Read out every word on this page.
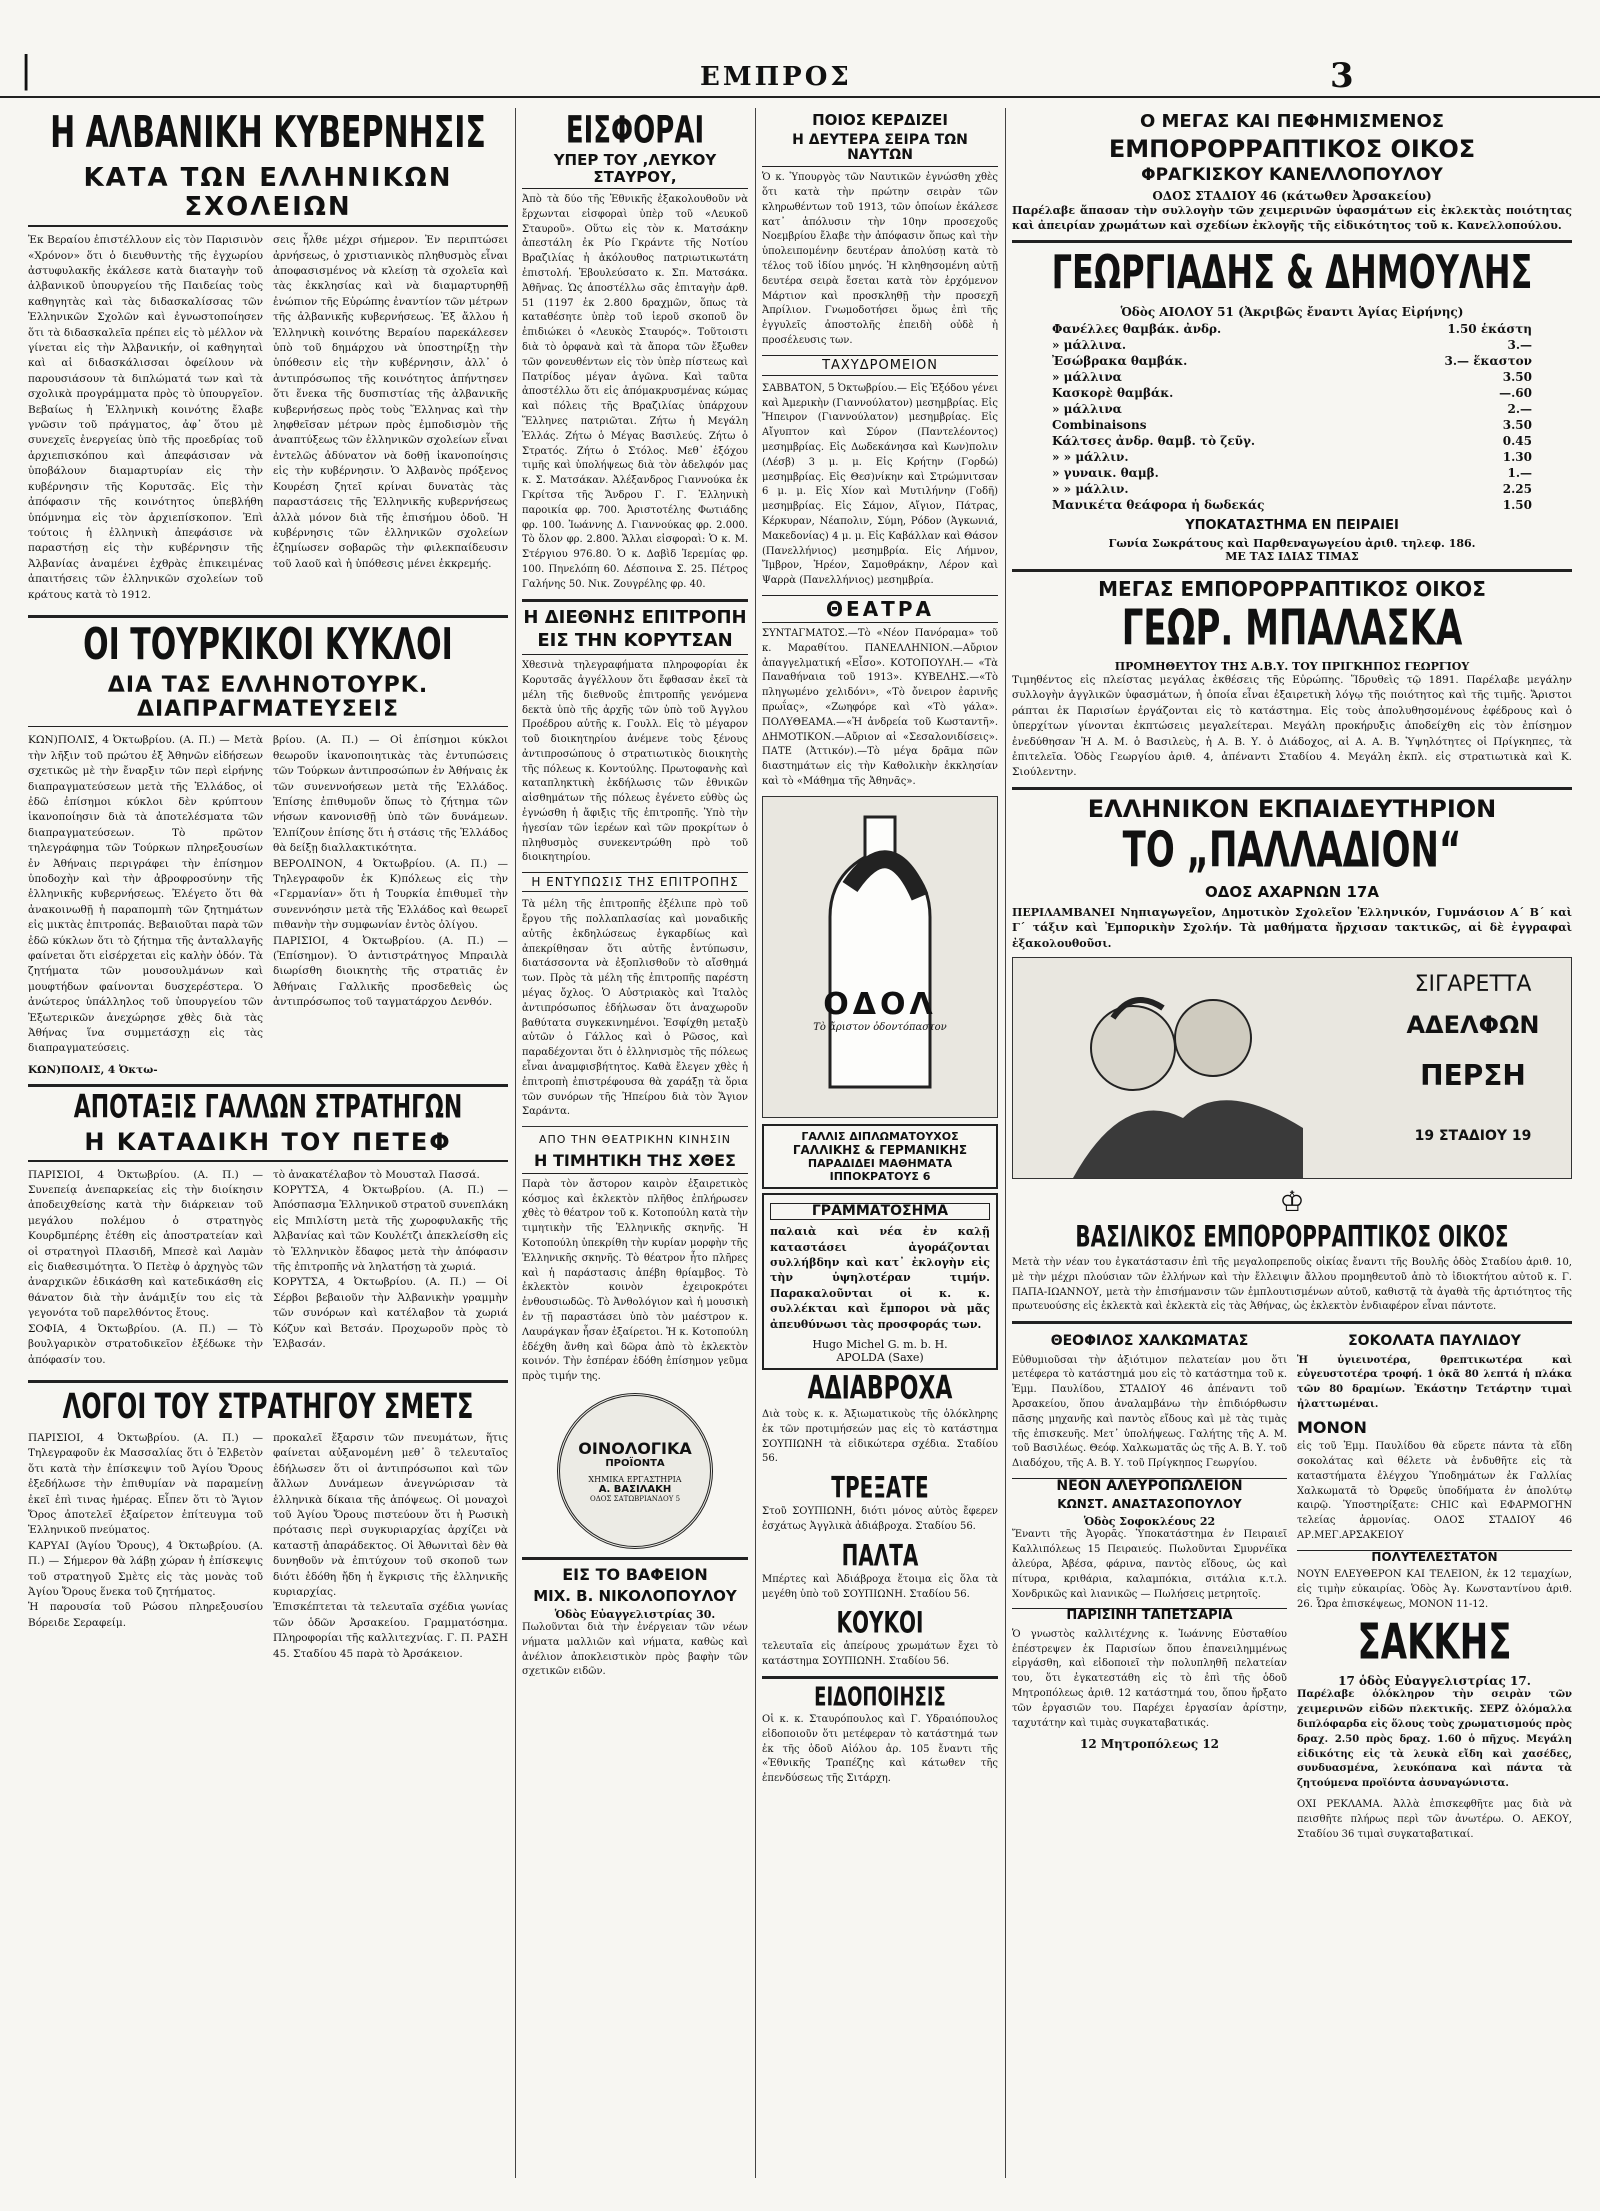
|	ΕΜΠΡΟΣ	3
Η ΑΛΒΑΝΙΚΗ ΚΥΒΕΡΝΗΣΙΣ
ΚΑΤΑ ΤΩΝ ΕΛΛΗΝΙΚΩΝ ΣΧΟΛΕΙΩΝ

Ἐκ Βεραίου ἐπιστέλλουν εἰς τὸν Παρισινὸν «Χρόνον» ὅτι ὁ διευθυντὴς τῆς ἐγχωρίου ἀστυφυλακῆς ἐκάλεσε κατὰ διαταγὴν τοῦ ἀλβανικοῦ ὑπουργείου τῆς Παιδείας τοὺς καθηγητὰς καὶ τὰς διδασκαλίσσας τῶν Ἑλληνικῶν Σχολῶν καὶ ἐγνωστοποίησεν ὅτι τὰ διδασκαλεῖα πρέπει εἰς τὸ μέλλον νὰ γίνεται εἰς τὴν Ἀλβανικήν, οἱ καθηγηταὶ καὶ αἱ διδασκάλισσαι ὀφείλουν νὰ παρουσιάσουν τὰ διπλώματά των καὶ τὰ σχολικὰ προγράμματα πρὸς τὸ ὑπουργεῖον. Βεβαίως ἡ Ἑλληνικὴ κοινότης ἔλαβε γνῶσιν τοῦ πράγματος, ἀφ᾽ ὅτου μὲ συνεχεῖς ἐνεργείας ὑπὸ τῆς προεδρίας τοῦ ἀρχιεπισκόπου καὶ ἀπεφάσισαν νὰ ὑποβάλουν διαμαρτυρίαν εἰς τὴν κυβέρνησιν τῆς Κορυτσᾶς. Εἰς τὴν ἀπόφασιν τῆς κοινότητος ὑπεβλήθη ὑπόμνημα εἰς τὸν ἀρχιεπίσκοπον. Ἐπὶ τούτοις ἡ ἐλληνικὴ ἀπεφάσισε νὰ παραστήσῃ εἰς τὴν κυβέρνησιν τῆς Ἀλβανίας ἀναμένει ἐχθρὰς ἐπικειμένας ἀπαιτήσεις τῶν ἐλληνικῶν σχολείων τοῦ κράτους κατὰ τὸ 1912.

σεις ἦλθε μέχρι σήμερον. Ἐν περιπτώσει ἀρνήσεως, ὁ χριστιανικὸς πληθυσμὸς εἶναι ἀποφασισμένος νὰ κλείσῃ τὰ σχολεῖα καὶ τὰς ἐκκλησίας καὶ νὰ διαμαρτυρηθῇ ἐνώπιον τῆς Εὐρώπης ἐναντίον τῶν μέτρων τῆς ἀλβανικῆς κυβερνήσεως. Ἐξ ἄλλου ἡ Ἑλληνικὴ κοινότης Βεραίου παρεκάλεσεν ὑπὸ τοῦ δημάρχου νὰ ὑποστηρίξῃ τὴν ὑπόθεσιν εἰς τὴν κυβέρνησιν, ἀλλ᾽ ὁ ἀντιπρόσωπος τῆς κοινότητος ἀπήντησεν ὅτι ἕνεκα τῆς δυσπιστίας τῆς ἀλβανικῆς κυβερνήσεως πρὸς τοὺς Ἕλληνας καὶ τὴν ληφθεῖσαν μέτρων πρὸς ἐμποδισμὸν τῆς ἀναπτύξεως τῶν ἐλληνικῶν σχολείων εἶναι ἐντελῶς ἀδύνατον νὰ δοθῇ ἱκανοποίησις εἰς τὴν κυβέρνησιν. Ὁ Ἀλβανὸς πρόξενος Κουρέση ζητεῖ κρίναι δυνατὰς τὰς παραστάσεις τῆς Ἑλληνικῆς κυβερνήσεως ἀλλὰ μόνον διὰ τῆς ἐπισήμου ὁδοῦ. Ἡ κυβέρνησις τῶν ἐλληνικῶν σχολείων ἐζημίωσεν σοβαρῶς τὴν φιλεκπαίδευσιν τοῦ λαοῦ καὶ ἡ ὑπόθεσις μένει ἐκκρεμής.

ΟΙ ΤΟΥΡΚΙΚΟΙ ΚΥΚΛΟΙ
ΔΙΑ ΤΑΣ ΕΛΛΗΝΟΤΟΥΡΚ. ΔΙΑΠΡΑΓΜΑΤΕΥΣΕΙΣ

ΚΩΝ)ΠΟΛΙΣ, 4 Ὀκτωβρίου. (Α. Π.) — Μετὰ τὴν λῆξιν τοῦ πρώτου ἐξ Ἀθηνῶν εἰδήσεων σχετικῶς μὲ τὴν ἔναρξιν τῶν περὶ εἰρήνης διαπραγματεύσεων μετὰ τῆς Ἑλλάδος, οἱ ἐδῶ ἐπίσημοι κύκλοι δὲν κρύπτουν ἱκανοποίησιν διὰ τὰ ἀποτελέσματα τῶν διαπραγματεύσεων. Τὸ πρῶτον τηλεγράφημα τῶν Τούρκων πληρεξουσίων ἐν Ἀθήναις περιγράφει τὴν ἐπίσημον ὑποδοχὴν καὶ τὴν ἀβροφροσύνην τῆς ἑλληνικῆς κυβερνήσεως. Ἐλέγετο ὅτι θὰ ἀνακοινωθῇ ἡ παραπομπὴ τῶν ζητημάτων εἰς μικτὰς ἐπιτροπάς. Βεβαιοῦται παρὰ τῶν ἐδῶ κύκλων ὅτι τὸ ζήτημα τῆς ἀνταλλαγῆς φαίνεται ὅτι εἰσέρχεται εἰς καλὴν ὁδόν. Τὰ ζητήματα τῶν μουσουλμάνων καὶ μουφτήδων φαίνονται δυσχερέστερα. Ὁ ἀνώτερος ὑπάλληλος τοῦ ὑπουργείου τῶν Ἐξωτερικῶν ἀνεχώρησε χθὲς διὰ τὰς Ἀθήνας ἵνα συμμετάσχῃ εἰς τὰς διαπραγματεύσεις.

βρίου. (Α. Π.) — Οἱ ἐπίσημοι κύκλοι θεωροῦν ἱκανοποιητικὰς τὰς ἐντυπώσεις τῶν Τούρκων ἀντιπροσώπων ἐν Ἀθήναις ἐκ τῶν συνεννοήσεων μετὰ τῆς Ἑλλάδος. Ἐπίσης ἐπιθυμοῦν ὅπως τὸ ζήτημα τῶν νήσων κανονισθῇ ὑπὸ τῶν δυνάμεων. Ἐλπίζουν ἐπίσης ὅτι ἡ στάσις τῆς Ἑλλάδος θὰ δείξῃ διαλλακτικότητα.
ΒΕΡΟΛΙΝΟΝ, 4 Ὀκτωβρίου. (Α. Π.) — Τηλεγραφοῦν ἐκ Κ)πόλεως εἰς τὴν «Γερμανίαν» ὅτι ἡ Τουρκία ἐπιθυμεῖ τὴν συνεννόησιν μετὰ τῆς Ἑλλάδος καὶ θεωρεῖ πιθανὴν τὴν συμφωνίαν ἐντὸς ὀλίγου.
ΠΑΡΙΣΙΟΙ, 4 Ὀκτωβρίου. (Α. Π.) — (Ἐπίσημον). Ὁ ἀντιστράτηγος Μπραιλὰ διωρίσθη διοικητὴς τῆς στρατιᾶς ἐν Ἀθήναις Γαλλικῆς προσδεθεὶς ὡς ἀντιπρόσωπος τοῦ ταγματάρχου Δενθόν.

ΚΩΝ)ΠΟΛΙΣ, 4 Ὀκτω-

ΑΠΟΤΑΞΙΣ ΓΑΛΛΩΝ ΣΤΡΑΤΗΓΩΝ
Η ΚΑΤΑΔΙΚΗ ΤΟΥ ΠΕΤΕΦ

ΠΑΡΙΣΙΟΙ, 4 Ὀκτωβρίου. (Α. Π.) — Συνεπείᾳ ἀνεπαρκείας εἰς τὴν διοίκησιν ἀποδειχθείσης κατὰ τὴν διάρκειαν τοῦ μεγάλου πολέμου ὁ στρατηγὸς Κουρδμπέρης ἐτέθη εἰς ἀποστρατείαν καὶ οἱ στρατηγοὶ Πλασιδῆ, Μπεσὲ καὶ Λαμὰν εἰς διαθεσιμότητα. Ὁ Πετὲφ ὁ ἀρχηγὸς τῶν ἀναρχικῶν ἐδικάσθη καὶ κατεδικάσθη εἰς θάνατον διὰ τὴν ἀνάμιξίν του εἰς τὰ γεγονότα τοῦ παρελθόντος ἔτους.
ΣΟΦΙΑ, 4 Ὀκτωβρίου. (Α. Π.) — Τὸ βουλγαρικὸν στρατοδικεῖον ἐξέδωκε τὴν ἀπόφασίν του.

τὸ ἀνακατέλαβον τὸ Μουσταλ Πασσά.
ΚΟΡΥΤΣΑ, 4 Ὀκτωβρίου. (Α. Π.) — Ἀπόσπασμα Ἑλληνικοῦ στρατοῦ συνεπλάκη εἰς Μπιλίστη μετὰ τῆς χωροφυλακῆς τῆς Ἀλβανίας καὶ τῶν Κουλέτζι ἀπεκλείσθη εἰς τὸ Ἑλληνικὸν ἔδαφος μετὰ τὴν ἀπόφασιν τῆς ἐπιτροπῆς νὰ ληλατήσῃ τὰ χωριά.
ΚΟΡΥΤΣΑ, 4 Ὀκτωβρίου. (Α. Π.) — Οἱ Σέρβοι βεβαιοῦν τὴν Ἀλβανικὴν γραμμὴν τῶν συνόρων καὶ κατέλαβον τὰ χωριά Κόζυν καὶ Βετσάν. Προχωροῦν πρὸς τὸ Ἐλβασάν.

ΛΟΓΟΙ ΤΟΥ ΣΤΡΑΤΗΓΟΥ ΣΜΕΤΣ

ΠΑΡΙΣΙΟΙ, 4 Ὀκτωβρίου. (Α. Π.) — Τηλεγραφοῦν ἐκ Μασσαλίας ὅτι ὁ Ἐλβετὸν ὅτι κατὰ τὴν ἐπίσκεψιν τοῦ Ἀγίου Ὄρους ἐξεδήλωσε τὴν ἐπιθυμίαν νὰ παραμείνῃ ἐκεῖ ἐπὶ τινας ἡμέρας. Εἶπεν ὅτι τὸ Ἅγιον Ὄρος ἀποτελεῖ ἐξαίρετον ἐπίτευγμα τοῦ Ἑλληνικοῦ πνεύματος.
ΚΑΡΥΑΙ (Ἁγίου Ὄρους), 4 Ὀκτωβρίου. (Α. Π.) — Σήμερον θὰ λάβῃ χώραν ἡ ἐπίσκεψις τοῦ στρατηγοῦ Σμὲτς εἰς τὰς μονὰς τοῦ Ἀγίου Ὄρους ἕνεκα τοῦ ζητήματος.
Ἡ παρουσία τοῦ Ρώσου πληρεξουσίου Βόρειδε Σεραφείμ.

προκαλεῖ ἔξαρσιν τῶν πνευμάτων, ἥτις φαίνεται αὐξανομένη μεθ᾽ ὃ τελευταῖος ἐδήλωσεν ὅτι οἱ ἀντιπρόσωποι καὶ τῶν ἄλλων Δυνάμεων ἀνεγνώρισαν τὰ ἑλληνικὰ δίκαια τῆς ἀπόψεως. Οἱ μοναχοὶ τοῦ Ἁγίου Ὄρους πιστεύουν ὅτι ἡ Ρωσικὴ πρότασις περὶ συγκυριαρχίας ἀρχίζει νὰ καταστῇ ἀπαράδεκτος. Οἱ Ἀθωνιταὶ δὲν θὰ δυνηθοῦν νὰ ἐπιτύχουν τοῦ σκοποῦ των διότι ἐδόθη ἤδη ἡ ἔγκρισις τῆς ἑλληνικῆς κυριαρχίας.
Ἐπισκέπτεται τὰ τελευταῖα σχέδια γωνίας τῶν ὁδῶν Ἀρσακείου. Γραμματόσημα. Πληροφορίαι τῆς καλλιτεχνίας. Γ. Π. ΡΑΣΗ 45. Σταδίου 45 παρὰ τὸ Ἀρσάκειον.

ΕΙΣΦΟΡΑΙ
ΥΠΕΡ ΤΟΥ ,ΛΕΥΚΟΥ ΣΤΑΥΡΟΥ,

Ἀπὸ τὰ δύο τῆς Ἐθνικῆς ἐξακολουθοῦν νὰ ἔρχωνται εἰσφοραὶ ὑπὲρ τοῦ «Λευκοῦ Σταυροῦ». Οὕτω εἰς τὸν κ. Ματσάκην ἀπεστάλη ἐκ Ρίο Γκράντε τῆς Νοτίου Βραζιλίας ἡ ἀκόλουθος πατριωτικωτάτη ἐπιστολή. Ἐβουλεύσατο κ. Σπ. Ματσάκα. Ἀθῆνας. Ὡς ἀποστέλλω σᾶς ἐπιταγὴν ἀρθ. 51 (1197 ἐκ 2.800 δραχμῶν, ὅπως τὰ καταθέσητε ὑπὲρ τοῦ ἱεροῦ σκοποῦ ὃν ἐπιδιώκει ὁ «Λευκὸς Σταυρός». Τοῦτοιστι διὰ τὸ ὀρφανὰ καὶ τὰ ἄπορα τῶν ἔξωθεν τῶν φονευθέντων εἰς τὸν ὑπὲρ πίστεως καὶ Πατρίδος μέγαν ἀγῶνα. Καὶ ταῦτα ἀποστέλλω ὅτι εἰς ἀπόμακρυσμένας κώμας καὶ πόλεις τῆς Βραζιλίας ὑπάρχουν Ἕλληνες πατριῶται. Ζήτω ἡ Μεγάλη Ἑλλάς. Ζήτω ὁ Μέγας Βασιλεύς. Ζήτω ὁ Στρατός. Ζήτω ὁ Στόλος. Μεθ᾽ ἐξόχου τιμῆς καὶ ὑπολήψεως διὰ τὸν ἀδελφόν μας κ. Σ. Ματσάκαν. Ἀλέξανδρος Γιαννούκα ἐκ Γκρίτσα τῆς Ἄνδρου Γ. Γ. Ἑλληνικὴ παροικία φρ. 700. Ἀριστοτέλης Φωτιάδης φρ. 100. Ἰωάννης Δ. Γιαννούκας φρ. 2.000. Τὸ ὅλον φρ. 2.800. Ἄλλαι εἰσφοραὶ: Ὁ κ. Μ. Στέργιου 976.80. Ὁ κ. Δαβὶδ Ἰερεμίας φρ. 100. Πηνελόπη 60. Δέσποινα Σ. 25. Πέτρος Γαλήνης 50. Νικ. Ζουγρέλης φρ. 40.

Η ΔΙΕΘΝΗΣ ΕΠΙΤΡΟΠΗ
ΕΙΣ ΤΗΝ ΚΟΡΥΤΣΑΝ

Χθεσινὰ τηλεγραφήματα πληροφορίαι ἐκ Κορυτσᾶς ἀγγέλλουν ὅτι ἔφθασαν ἐκεῖ τὰ μέλη τῆς διεθνοῦς ἐπιτροπῆς γενόμενα δεκτὰ ὑπὸ τῆς ἀρχῆς τῶν ὑπὸ τοῦ Ἀγγλου Προέδρου αὐτῆς κ. Γουλλ. Εἰς τὸ μέγαρον τοῦ διοικητηρίου ἀνέμενε τοὺς ξένους ἀντιπροσώπους ὁ στρατιωτικὸς διοικητὴς τῆς πόλεως κ. Κοντούλης. Πρωτοφανὴς καὶ καταπληκτικὴ ἐκδήλωσις τῶν ἐθνικῶν αἰσθημάτων τῆς πόλεως ἐγένετο εὐθὺς ὡς ἐγνώσθη ἡ ἄφιξις τῆς ἐπιτροπῆς. Ὑπὸ τὴν ἡγεσίαν τῶν ἱερέων καὶ τῶν προκρίτων ὁ πληθυσμὸς συνεκεντρώθη πρὸ τοῦ διοικητηρίου.

Η ΕΝΤΥΠΩΣΙΣ ΤΗΣ ΕΠΙΤΡΟΠΗΣ

Τὰ μέλη τῆς ἐπιτροπῆς ἐξέλιπε πρὸ τοῦ ἔργου τῆς πολλαπλασίας καὶ μοναδικῆς αὐτῆς ἐκδηλώσεως ἐγκαρδίως καὶ ἀπεκρίθησαν ὅτι αὐτῆς ἐντύπωσιν, διατάσσοντα νὰ ἐξοπλισθοῦν τὸ αἴσθημά των. Πρὸς τὰ μέλη τῆς ἐπιτροπῆς παρέστη μέγας ὄχλος. Ὁ Αὐστριακὸς καὶ Ἰταλὸς ἀντιπρόσωπος ἐδήλωσαν ὅτι ἀναχωροῦν βαθύτατα συγκεκινημένοι. Ἐσφίχθη μεταξὺ αὐτῶν ὁ Γάλλος καὶ ὁ Ρῶσος, καὶ παραδέχονται ὅτι ὁ ἑλληνισμὸς τῆς πόλεως εἶναι ἀναμφισβήτητος. Καθὰ ἔλεγεν χθὲς ἡ ἐπιτροπὴ ἐπιστρέφουσα θὰ χαράξῃ τὰ ὅρια τῶν συνόρων τῆς Ἠπείρου διὰ τὸν Ἅγιον Σαράντα.

ΑΠΟ ΤΗΝ ΘΕΑΤΡΙΚΗΝ ΚΙΝΗΣΙΝ
Η ΤΙΜΗΤΙΚΗ ΤΗΣ ΧΘΕΣ

Παρὰ τὸν ἄστορον καιρὸν ἐξαιρετικὸς κόσμος καὶ ἐκλεκτὸν πλῆθος ἐπλήρωσεν χθὲς τὸ θέατρον τοῦ κ. Κοτοπούλη κατὰ τὴν τιμητικὴν τῆς Ἑλληνικῆς σκηνῆς. Ἡ Κοτοπούλη ὑπεκρίθη τὴν κυρίαν μορφὴν τῆς Ἑλληνικῆς σκηνῆς. Τὸ θέατρον ἦτο πλῆρες καὶ ἡ παράστασις ἀπέβη θρίαμβος. Τὸ ἐκλεκτὸν κοινὸν ἐχειροκρότει ἐνθουσιωδῶς. Τὸ Ἀνθολόγιον καὶ ἡ μουσικὴ ἐν τῇ παραστάσει ὑπὸ τὸν μαέστρον κ. Λαυράγκαν ἦσαν ἐξαίρετοι. Ἡ κ. Κοτοπούλη ἐδέχθη ἄνθη καὶ δῶρα ἀπὸ τὸ ἐκλεκτὸν κοινόν. Τὴν ἐσπέραν ἐδόθη ἐπίσημον γεῦμα πρὸς τιμήν της.

ΟΙΝΟΛΟΓΙΚΑ
ΠΡΟΪΟΝΤΑ
ΧΗΜΙΚΑ ΕΡΓΑΣΤΗΡΙΑ
Α. ΒΑΣΙΛΑΚΗ
ΟΔΟΣ ΣΑΤΩΒΡΙΑΝΔΟΥ 5
ΕΙΣ ΤΟ ΒΑΦΕΙΟΝ
ΜΙΧ. Β. ΝΙΚΟΛΟΠΟΥΛΟΥ
Ὁδὸς Εὐαγγελιστρίας 30.

Πωλοῦνται διὰ τὴν ἐνέργειαν τῶν νέων νήματα μαλλιῶν καὶ νήματα, καθὼς καὶ ἀνέλιον ἀποκλειστικὸν πρὸς βαφὴν τῶν σχετικῶν ειδῶν.

ΠΟΙΟΣ ΚΕΡΔΙΖΕΙ
Η ΔΕΥΤΕΡΑ ΣΕΙΡΑ ΤΩΝ ΝΑΥΤΩΝ

Ὁ κ. Ὑπουργὸς τῶν Ναυτικῶν ἐγνώσθη χθὲς ὅτι κατὰ τὴν πρώτην σειρὰν τῶν κληρωθέντων τοῦ 1913, τῶν ὁποίων ἐκάλεσε κατ᾽ ἀπόλυσιν τὴν 10ην προσεχοῦς Νοεμβρίου ἔλαβε τὴν ἀπόφασιν ὅπως καὶ τὴν ὑπολειπομένην δευτέραν ἀπολύσῃ κατὰ τὸ τέλος τοῦ ἰδίου μηνός. Ἡ κληθησομένη αὐτῇ δευτέρα σειρὰ ἔσεται κατὰ τὸν ἐρχόμενον Μάρτιον καὶ προσκληθῇ τὴν προσεχῆ Ἀπρίλιον. Γνωμοδοτήσει ὅμως ἐπὶ τῆς ἐγγυλεῖς ἀποστολῆς ἐπειδὴ οὐδὲ ἡ προσέλευσις των.

ΤΑΧΥΔΡΟΜΕΙΟΝ

ΣΑΒΒΑΤΟΝ, 5 Ὀκτωβρίου.— Εἰς Ἐξόδου γένει καὶ Ἀμερικὴν (Γιαννούλατον) μεσημβρίας. Εἰς Ἤπειρον (Γιαννούλατον) μεσημβρίας. Εἰς Αἴγυπτον καὶ Σύρον (Παντελέοντος) μεσημβρίας. Εἰς Δωδεκάνησα καὶ Κων)πολιν (Λέσβ) 3 μ. μ. Εἰς Κρήτην (Γορδώ) μεσημβρίας. Εἰς Θεσ)νίκην καὶ Στρώμνιτσαν 6 μ. μ. Εἰς Χίον καὶ Μυτιλήνην (Γοδῆ) μεσημβρίας. Εἰς Σάμον, Αἴγιον, Πάτρας, Κέρκυραν, Νέαπολιν, Σύμη, Ρόδον (Ἀγκωνιά, Μακεδονίας) 4 μ. μ. Εἰς Καβάλλαν καὶ Θάσον (Πανελλήνιος) μεσημβρία. Εἰς Λήμνον, Ἴμβρον, Ἡρέον, Σαμοθράκην, Λέρον καὶ Ψαρρὰ (Πανελλήνιος) μεσημβρία.

ΘΕΑΤΡΑ

ΣΥΝΤΑΓΜΑΤΟΣ.—Τὸ «Νέον Πανόραμα» τοῦ κ. Μαραθίτου. ΠΑΝΕΛΛΗΝΙΟΝ.—Αὔριον ἀπαγγελματική «Εἶσο». ΚΟΤΟΠΟΥΛΗ.— «Τὰ Παναθήναια τοῦ 1913». ΚΥΒΕΛΗΣ.—«Τὸ πληγωμένο χελιδόνι», «Τὸ ὄνειρον ἐαρινῆς πρωΐας», «Ζωηφόρε καὶ «Τὸ γάλα». ΠΟΛΥΘΕΑΜΑ.—«Ἡ ἀνδρεία τοῦ Κωσταντῆ». ΔΗΜΟΤΙΚΟΝ.—Αὔριον αἱ «Σεσαλονιδίσεις». ΠΑΤΕ (Ἀττικόν).—Τὸ μέγα δρᾶμα πῶν διαστημάτων εἰς τὴν Καθολικὴν ἐκκλησίαν καὶ τὸ «Μάθημα τῆς Ἀθηνᾶς».

ΟΔΟΛ
Τὸ ἄριστον ὀδοντόπαστον
ΓΑΛΛΙΣ ΔΙΠΛΩΜΑΤΟΥΧΟΣ
ΓΑΛΛΙΚΗΣ & ΓΕΡΜΑΝΙΚΗΣ
ΠΑΡΑΔΙΔΕΙ ΜΑΘΗΜΑΤΑ
ΙΠΠΟΚΡΑΤΟΥΣ 6
ΓΡΑΜΜΑΤΟΣΗΜΑ

παλαιὰ καὶ νέα ἐν καλῇ καταστάσει ἀγοράζονται συλλήβδην καὶ κατ᾽ ἐκλογὴν εἰς τὴν ὑψηλοτέραν τιμήν. Παρακαλοῦνται οἱ κ. κ. συλλέκται καὶ ἔμποροι νὰ μᾶς ἀπευθύνωσι τὰς προσφοράς των.

Hugo Michel G. m. b. H.
APOLDA (Saxe)
ΑΔΙΑΒΡΟΧΑ

Διὰ τοὺς κ. κ. Ἀξιωματικοὺς τῆς ὁλόκληρης ἐκ τῶν προτιμήσεών μας εἰς τὸ κατάστημα ΣΟΥΠΙΩΝΗ τὰ εἰδικώτερα σχέδια. Σταδίου 56.

ΤΡΕΞΑΤΕ

Στοῦ ΣΟΥΠΙΩΝΗ, διότι μόνος αὐτὸς ἔφερεν ἐσχάτως Ἀγγλικὰ ἀδιάβροχα. Σταδίου 56.

ΠΑΛΤΑ

Μπέρτες καὶ Ἀδιάβροχα ἕτοιμα εἰς ὅλα τὰ μεγέθη ὑπὸ τοῦ ΣΟΥΠΙΩΝΗ. Σταδίου 56.

ΚΟΥΚΟΙ

τελευταῖα εἰς ἀπείρους χρωμάτων ἔχει τὸ κατάστημα ΣΟΥΠΙΩΝΗ. Σταδίου 56.

ΕΙΔΟΠΟΙΗΣΙΣ

Οἱ κ. κ. Σταυρόπουλος καὶ Γ. Υδραιόπουλος εἰδοποιοῦν ὅτι μετέφεραν τὸ κατάστημά των ἐκ τῆς ὁδοῦ Αἰόλου ἀρ. 105 ἔναντι τῆς «Ἐθνικῆς Τραπέζης καὶ κάτωθεν τῆς ἐπενδύσεως τῆς Σιτάρχη.

Ο ΜΕΓΑΣ ΚΑΙ ΠΕΦΗΜΙΣΜΕΝΟΣ
ΕΜΠΟΡΟΡΡΑΠΤΙΚΟΣ ΟΙΚΟΣ
ΦΡΑΓΚΙΣΚΟΥ ΚΑΝΕΛΛΟΠΟΥΛΟΥ
ΟΔΟΣ ΣΤΑΔΙΟΥ 46 (κάτωθεν Ἀρσακείου)

Παρέλαβε ἅπασαν τὴν συλλογὴν τῶν χειμερινῶν ὑφασμάτων εἰς ἐκλεκτὰς ποιότητας καὶ ἀπειρίαν χρωμάτων καὶ σχεδίων ἐκλογῆς τῆς εἰδικότητος τοῦ κ. Κανελλοπούλου.

ΓΕΩΡΓΙΑΔΗΣ & ΔΗΜΟΥΛΗΣ
Ὁδὸς ΑΙΟΛΟΥ 51 (Ἀκριβῶς ἔναντι Ἁγίας Εἰρήνης)
Φανέλλες θαμβάκ. ἀνδρ.	1.50 ἑκάστη
» μάλλινα.	3.—
Ἐσώβρακα θαμβάκ.	3.— ἕκαστον
» μάλλινα	3.50
Κασκορὲ θαμβάκ.	—.60
» μάλλινα	2.—
Combinaisons	3.50
Κάλτσες ἀνδρ. θαμβ. τὸ ζεῦγ.	0.45
» » μάλλιν.	1.30
» γυναικ. θαμβ.	1.—
» » μάλλιν.	2.25
Μανικέτα θεάφορα ἡ δωδεκάς	1.50
ΥΠΟΚΑΤΑΣΤΗΜΑ ΕΝ ΠΕΙΡΑΙΕΙ
Γωνία Σωκράτους καὶ Παρθεναγωγείου ἀριθ. τηλεφ. 186.
ΜΕ ΤΑΣ ΙΔΙΑΣ ΤΙΜΑΣ
ΜΕΓΑΣ ΕΜΠΟΡΟΡΡΑΠΤΙΚΟΣ ΟΙΚΟΣ
ΓΕΩΡ. ΜΠΑΛΑΣΚΑ
ΠΡΟΜΗΘΕΥΤΟΥ ΤΗΣ Α.Β.Υ. ΤΟΥ ΠΡΙΓΚΗΠΟΣ ΓΕΩΡΓΙΟΥ

Τιμηθέντος εἰς πλείστας μεγάλας ἐκθέσεις τῆς Εὐρώπης. Ἵδρυθεὶς τῷ 1891. Παρέλαβε μεγάλην συλλογὴν ἀγγλικῶν ὑφασμάτων, ἡ ὁποία εἶναι ἐξαιρετικὴ λόγῳ τῆς ποιότητος καὶ τῆς τιμῆς. Ἄριστοι ράπται ἐκ Παρισίων ἐργάζονται εἰς τὸ κατάστημα. Εἰς τοὺς ἀπολυθησομένους ἐφέδρους καὶ ὁ ὑπερχίτων γίνονται ἐκπτώσεις μεγαλείτεραι. Μεγάλη προκήρυξις ἀποδείχθη εἰς τὸν ἐπίσημον ἐνεδύθησαν Ἡ Α. Μ. ὁ Βασιλεὺς, ἡ Α. Β. Υ. ὁ Διάδοχος, αἱ Α. Α. Β. Ὑψηλότητες οἱ Πρίγκηπες, τὰ ἐπιτελεῖα. Ὁδὸς Γεωργίου ἀριθ. 4, ἀπέναντι Σταδίου 4. Μεγάλη ἐκπλ. εἰς στρατιωτικὰ καὶ Κ. Σιούλεντην.

ΕΛΛΗΝΙΚΟΝ ΕΚΠΑΙΔΕΥΤΗΡΙΟΝ
ΤΟ „ΠΑΛΛΑΔΙΟΝ“
ΟΔΟΣ ΑΧΑΡΝΩΝ 17Α

ΠΕΡΙΛΑΜΒΑΝΕΙ Νηπιαγωγεῖον, Δημοτικὸν Σχολεῖον Ἑλληνικόν, Γυμνάσιον Α΄ Β΄ καὶ Γ΄ τάξιν καὶ Ἐμπορικὴν Σχολήν. Τὰ μαθήματα ἤρχισαν τακτικῶς, αἱ δὲ ἐγγραφαὶ ἐξακολουθοῦσι.

ΣΙΓΑΡΕΤΤΑ
ΑΔΕΛΦΩΝ
ΠΕΡΣΗ
19 ΣΤΑΔΙΟΥ 19
♔
ΒΑΣΙΛΙΚΟΣ ΕΜΠΟΡΟΡΡΑΠΤΙΚΟΣ ΟΙΚΟΣ

Μετὰ τὴν νέαν του ἐγκατάστασιν ἐπὶ τῆς μεγαλοπρεποῦς οἰκίας ἔναντι τῆς Βουλῆς ὁδὸς Σταδίου ἀριθ. 10, μὲ τὴν μέχρι πλούσιαν τῶν ἐλλήνων καὶ τὴν ἔλλειψιν ἄλλου προμηθευτοῦ ἀπὸ τὸ ἰδιοκτήτου αὐτοῦ κ. Γ. ΠΑΠΑ-ΙΩΑΝΝΟΥ, μετὰ τὴν ἐπισήμανσιν τῶν ἐμπλουτισμένων αὐτοῦ, καθιστᾷ τὰ ἀγαθὰ τῆς ἀρτιότητος τῆς πρωτευούσης εἰς ἐκλεκτὰ καὶ ἐκλεκτὰ εἰς τὰς Ἀθήνας, ὡς ἐκλεκτὸν ἐνδιαφέρον εἶναι πάντοτε.

ΘΕΟΦΙΛΟΣ ΧΑΛΚΩΜΑΤΑΣ

Εὐθυμιοῦσαι τὴν ἀξιότιμον πελατείαν μου ὅτι μετέφερα τὸ κατάστημά μου εἰς τὸ κατάστημα τοῦ κ. Ἐμμ. Παυλίδου, ΣΤΑΔΙΟΥ 46 ἀπέναντι τοῦ Ἀρσακείου, ὅπου ἀναλαμβάνω τὴν ἐπιδιόρθωσιν πᾶσης μηχανῆς καὶ παντὸς εἴδους καὶ μὲ τὰς τιμὰς τῆς ἐπισκευῆς. Μετ᾽ ὑπολήψεως. Γαλήτης τῆς Α. Μ. τοῦ Βασιλέως. Θεόφ. Χαλκωματᾶς ὡς τῆς Α. Β. Υ. τοῦ Διαδόχου, τῆς Α. Β. Υ. τοῦ Πρίγκηπος Γεωργίου.

ΝΕΟΝ ΑΛΕΥΡΟΠΩΛΕΙΟΝ
ΚΩΝΣΤ. ΑΝΑΣΤΑΣΟΠΟΥΛΟΥ
Ὁδὸς Σοφοκλέους 22

Ἔναντι τῆς Ἀγορᾶς. Ὑποκατάστημα ἐν Πειραιεῖ Καλλιπόλεως 15 Πειραιεύς. Πωλοῦνται Σμυρνέϊκα ἀλεύρα, Ἀβέσα, φάρινα, παντὸς εἴδους, ὡς καὶ πίτυρα, κριθάρια, καλαμπόκια, σιτάλια κ.τ.λ. Χονδρικῶς καὶ λιανικῶς — Πωλήσεις μετρητοῖς.

ΠΑΡΙΣΙΝΗ ΤΑΠΕΤΣΑΡΙΑ

Ὁ γνωστὸς καλλιτέχνης κ. Ἰωάννης Εὐσταθίου ἐπέστρεψεν ἐκ Παρισίων ὅπου ἐπανειλημμένως εἰργάσθη, καὶ εἰδοποιεῖ τὴν πολυπληθῆ πελατείαν του, ὅτι ἐγκατεστάθη εἰς τὸ ἐπὶ τῆς ὁδοῦ Μητροπόλεως ἀριθ. 12 κατάστημά του, ὅπου ἤρξατο τῶν ἐργασιῶν του. Παρέχει ἐργασίαν ἀρίστην, ταχυτάτην καὶ τιμὰς συγκαταβατικάς.

12 Μητροπόλεως 12
ΣΟΚΟΛΑΤΑ ΠΑΥΛΙΔΟΥ

Ἡ ὑγιεινοτέρα, θρεπτικωτέρα καὶ εὐγευστοτέρα τροφή. 1 ὀκᾶ 80 λεπτά ἡ πλάκα τῶν 80 δραμίων. Ἐκάστην Τετάρτην τιμαὶ ἠλαττωμέναι.

ΜΟΝΟΝ

εἰς τοῦ Ἐμμ. Παυλίδου θὰ εὕρετε πάντα τὰ εἴδη σοκολάτας καὶ θέλετε νὰ ἐνδυθῆτε εἰς τὰ καταστήματα ἐλέγχου Ὑποδημάτων ἐκ Γαλλίας Χαλκωματᾶ τὸ Ὀρφεῦς ὑποδήματα ἐν ἀπολύτῳ καιρῷ. Ὑποστηρίξατε: CHIC καὶ ΕΦΑΡΜΟΓΗΝ τελείας ἀρμονίας. ΟΔΟΣ ΣΤΑΔΙΟΥ 46 ΑΡ.ΜΕΓ.ΑΡΣΑΚΕΙΟΥ

ΠΟΛΥΤΕΛΕΣΤΑΤΟΝ

ΝΟΥΝ ΕΛΕΥΘΕΡΟΝ ΚΑΙ ΤΕΛΕΙΟΝ, ἐκ 12 τεμαχίων, εἰς τιμὴν εὐκαιρίας. Ὁδὸς Ἀγ. Κωνσταντίνου ἀριθ. 26. Ὧρα ἐπισκέψεως, ΜΟΝΟΝ 11-12.

ΣΑΚΚΗΣ
17 ὁδὸς Εὐαγγελιστρίας 17.

Παρέλαβε ὁλόκληρον τὴν σειρὰν τῶν χειμερινῶν εἰδῶν πλεκτικῆς. ΣΕΡΖ ὁλόμαλλα διπλόφαρδα εἰς ὅλους τοὺς χρωματισμούς πρὸς δραχ. 2.50 πρὸς δραχ. 1.60 ὁ πῆχυς. Μεγάλη εἰδικότης εἰς τὰ λευκὰ εἴδη καὶ χασέδες, συνδυασμένα, λευκόπανα καὶ πάντα τὰ ζητούμενα προϊόντα ἀσυναγώνιστα.

ΟΧΙ ΡΕΚΛΑΜΑ. Ἀλλὰ ἐπισκεφθῆτε μας διὰ νὰ πεισθῆτε πλήρως περὶ τῶν ἀνωτέρω. Ο. ΑΕΚΟΥ, Σταδίου 36 τιμαὶ συγκαταβατικαί.
